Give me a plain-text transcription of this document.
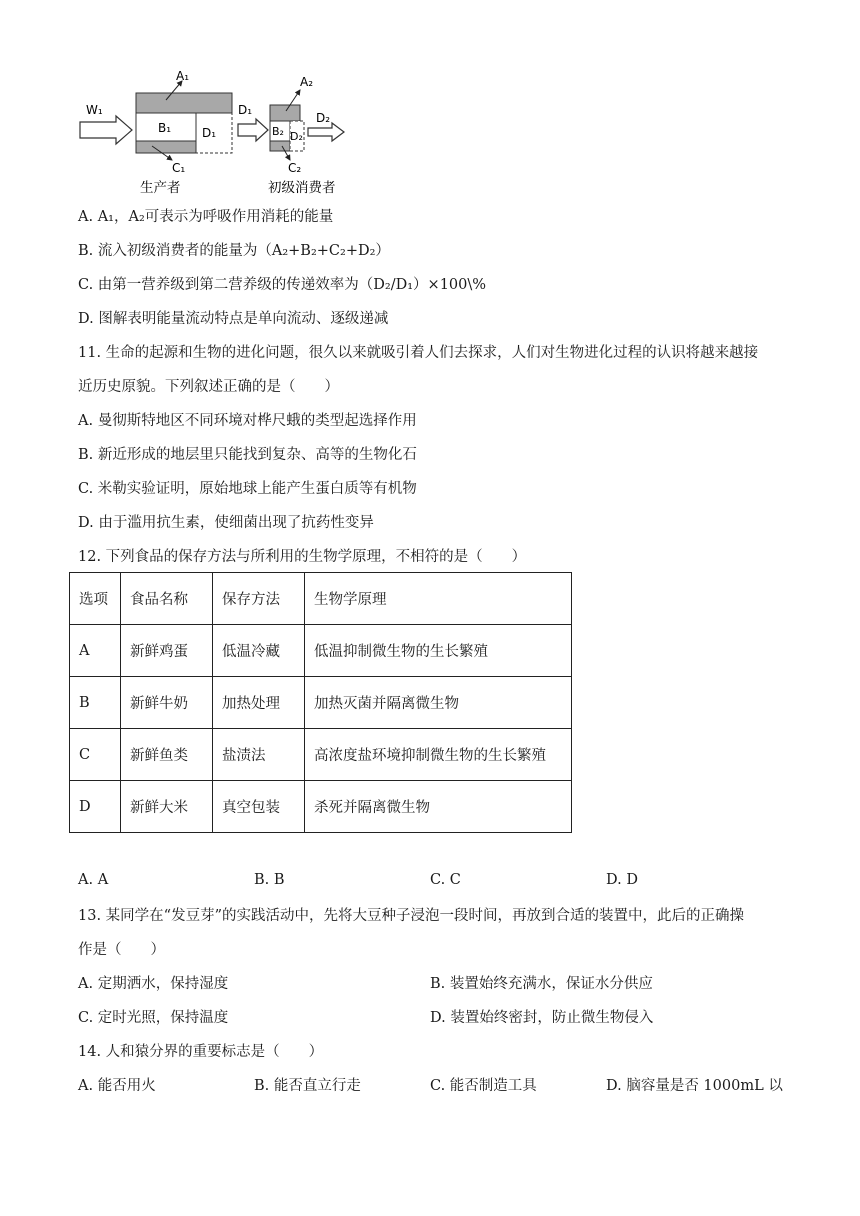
W₁
B₁	D₁
A₁
C₁
D₁
B₂ D₂
A₂
C₂
D₂
生产者	初级消费者
A. A₁，A₂可表示为呼吸作用消耗的能量
B. 流入初级消费者的能量为（A₂+B₂+C₂+D₂）
C. 由第一营养级到第二营养级的传递效率为（D₂/D₁）×100\%
D. 图解表明能量流动特点是单向流动、逐级递减
11. 生命的起源和生物的进化问题，很久以来就吸引着人们去探求，人们对生物进化过程的认识将越来越接
近历史原貌。下列叙述正确的是（　　）
A. 曼彻斯特地区不同环境对桦尺蛾的类型起选择作用
B. 新近形成的地层里只能找到复杂、高等的生物化石
C. 米勒实验证明，原始地球上能产生蛋白质等有机物
D. 由于滥用抗生素，使细菌出现了抗药性变异
12. 下列食品的保存方法与所利用的生物学原理，不相符的是（　　）
选项	食品名称	保存方法	生物学原理
A	新鲜鸡蛋	低温冷藏	低温抑制微生物的生长繁殖
B	新鲜牛奶	加热处理	加热灭菌并隔离微生物
C	新鲜鱼类	盐渍法	高浓度盐环境抑制微生物的生长繁殖
D	新鲜大米	真空包装	杀死并隔离微生物
A. A	B. B	C. C	D. D
13. 某同学在“发豆芽”的实践活动中，先将大豆种子浸泡一段时间，再放到合适的装置中，此后的正确操
作是（　　）
A. 定期洒水，保持湿度	B. 装置始终充满水，保证水分供应
C. 定时光照，保持温度	D. 装置始终密封，防止微生物侵入
14. 人和猿分界的重要标志是（　　）
A. 能否用火	B. 能否直立行走	C. 能否制造工具	D. 脑容量是否 1000mL 以
